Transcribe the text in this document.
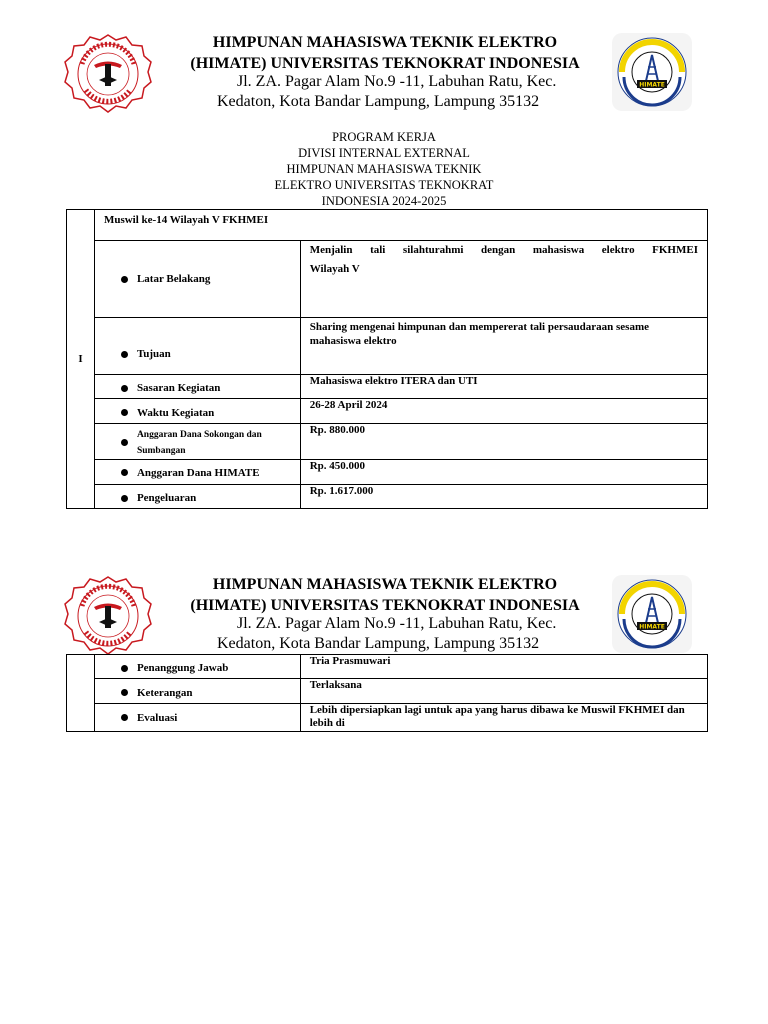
HIMATE
HIMPUNAN MAHASISWA TEKNIK ELEKTRO
(HIMATE) UNIVERSITAS TEKNOKRAT INDONESIA
Jl. ZA. Pagar Alam No.9 -11, Labuhan Ratu, Kec.
Kedaton, Kota Bandar Lampung, Lampung 35132
PROGRAM KERJA
DIVISI INTERNAL EXTERNAL
HIMPUNAN MAHASISWA TEKNIK
ELEKTRO UNIVERSITAS TEKNOKRAT
INDONESIA 2024-2025
I	Muswil ke-14 Wilayah V FKHMEI	

	Latar Belakang	Menjalin tali silahturahmi dengan mahasiswa elektro FKHMEI
Wilayah V

	Tujuan	Sharing mengenai himpunan dan mempererat tali persaudaraan sesame mahasiswa elektro

	Sasaran Kegiatan	Mahasiswa elektro ITERA dan UTI

	Waktu Kegiatan	26-28 April 2024

	Anggaran Dana Sokongan dan Sumbangan	Rp. 880.000

	Anggaran Dana HIMATE	Rp. 450.000

	Pengeluaran	Rp. 1.617.000
HIMATE
HIMPUNAN MAHASISWA TEKNIK ELEKTRO
(HIMATE) UNIVERSITAS TEKNOKRAT INDONESIA
Jl. ZA. Pagar Alam No.9 -11, Labuhan Ratu, Kec.
Kedaton, Kota Bandar Lampung, Lampung 35132

	Penanggung Jawab	Tria Prasmuwari

	Keterangan	Terlaksana

	Evaluasi	Lebih dipersiapkan lagi untuk apa yang harus dibawa ke Muswil FKHMEI dan lebih di
